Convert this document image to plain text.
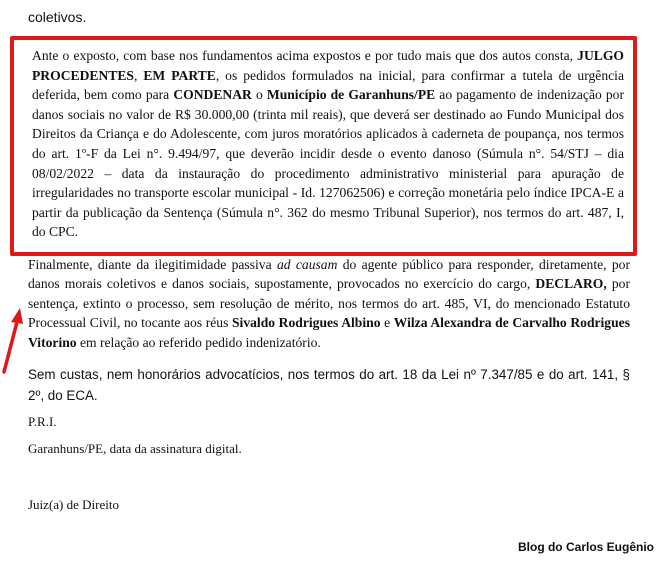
coletivos.

Ante o exposto, com base nos fundamentos acima expostos e por tudo mais que dos autos consta, JULGO PROCEDENTES, EM PARTE, os pedidos formulados na inicial, para confirmar a tutela de urgência deferida, bem como para CONDENAR o Município de Garanhuns/PE ao pagamento de indenização por danos sociais no valor de R$ 30.000,00 (trinta mil reais), que deverá ser destinado ao Fundo Municipal dos Direitos da Criança e do Adolescente, com juros moratórios aplicados à caderneta de poupança, nos termos do art. 1º-F da Lei n°. 9.494/97, que deverão incidir desde o evento danoso (Súmula n°. 54/STJ – dia 08/02/2022 – data da instauração do procedimento administrativo ministerial para apuração de irregularidades no transporte escolar municipal - Id. 127062506) e correção monetária pelo índice IPCA-E a partir da publicação da Sentença (Súmula n°. 362 do mesmo Tribunal Superior), nos termos do art. 487, I, do CPC.

Finalmente, diante da ilegitimidade passiva ad causam do agente público para responder, diretamente, por danos morais coletivos e danos sociais, supostamente, provocados no exercício do cargo, DECLARO, por sentença, extinto o processo, sem resolução de mérito, nos termos do art. 485, VI, do mencionado Estatuto Processual Civil, no tocante aos réus Sivaldo Rodrigues Albino e Wilza Alexandra de Carvalho Rodrigues Vitorino em relação ao referido pedido indenizatório.

Sem custas, nem honorários advocatícios, nos termos do art. 18 da Lei nº 7.347/85 e do art. 141, § 2º, do ECA.

P.R.I.
Garanhuns/PE, data da assinatura digital.
Juiz(a) de Direito
Blog do Carlos Eugênio
